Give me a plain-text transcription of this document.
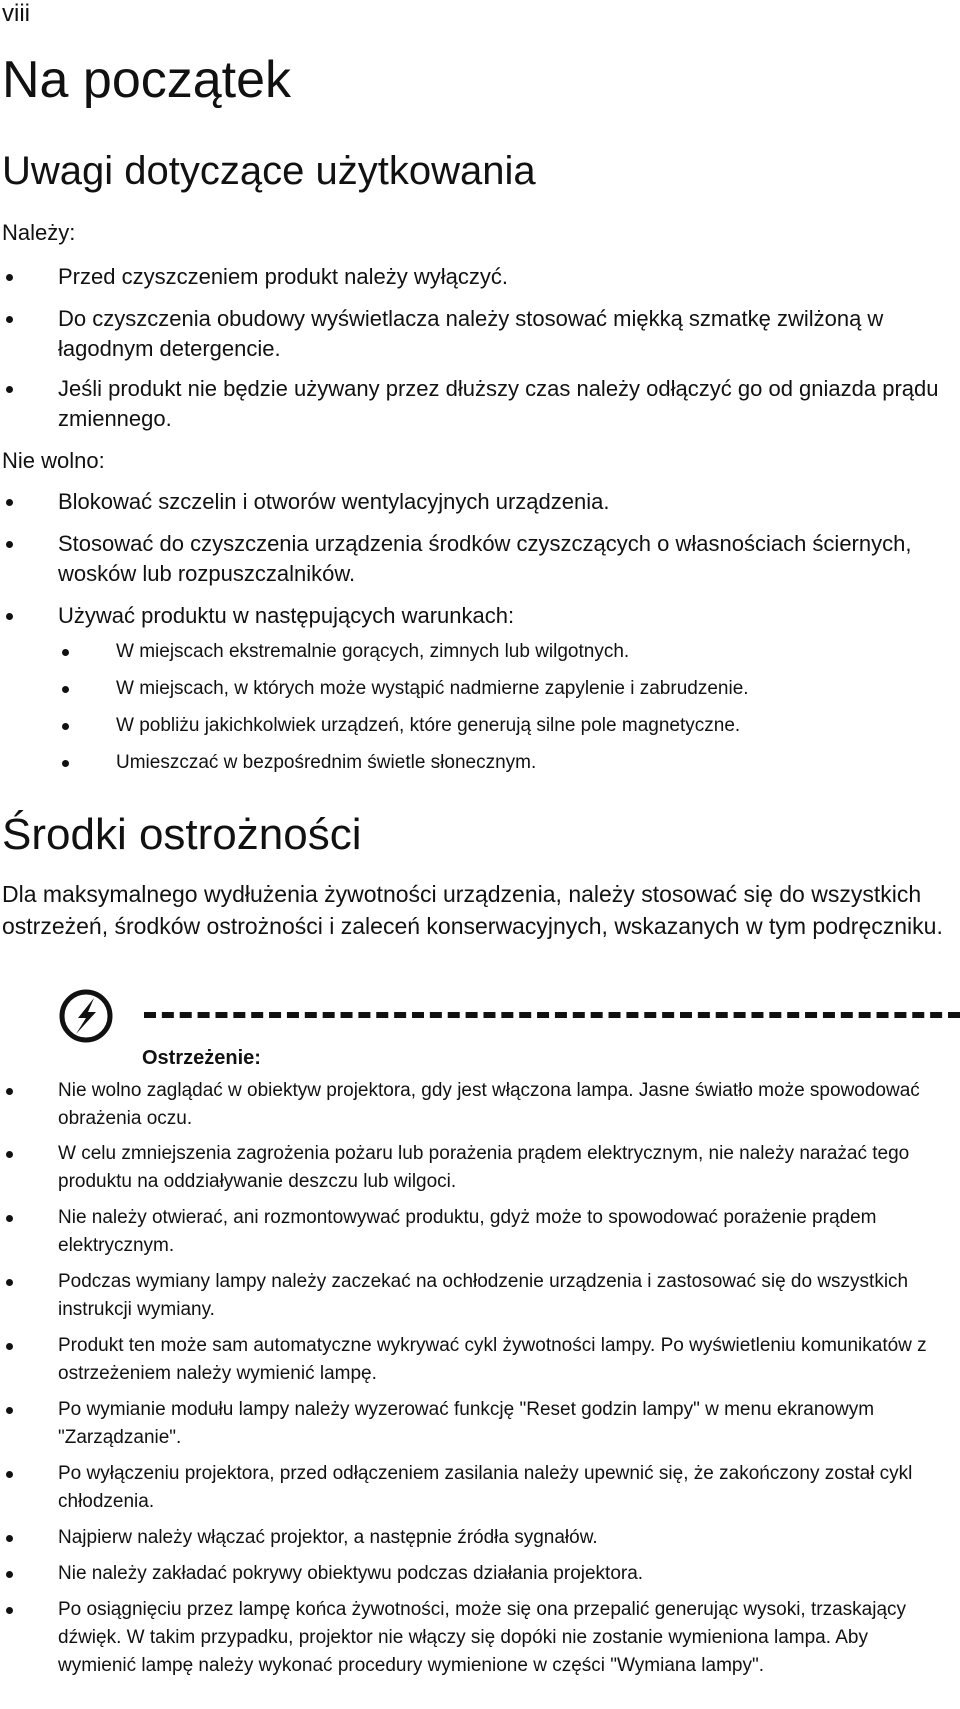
viii
Na początek
Uwagi dotyczące użytkowania
Należy:
Przed czyszczeniem produkt należy wyłączyć.
Do czyszczenia obudowy wyświetlacza należy stosować miękką szmatkę zwilżoną w łagodnym detergencie.
Jeśli produkt nie będzie używany przez dłuższy czas należy odłączyć go od gniazda prądu zmiennego.
Nie wolno:
Blokować szczelin i otworów wentylacyjnych urządzenia.
Stosować do czyszczenia urządzenia środków czyszczących o własnościach ściernych, wosków lub rozpuszczalników.
Używać produktu w następujących warunkach:
W miejscach ekstremalnie gorących, zimnych lub wilgotnych.
W miejscach, w których może wystąpić nadmierne zapylenie i zabrudzenie.
W pobliżu jakichkolwiek urządzeń, które generują silne pole magnetyczne.
Umieszczać w bezpośrednim świetle słonecznym.
Środki ostrożności

Dla maksymalnego wydłużenia żywotności urządzenia, należy stosować się do wszystkich ostrzeżeń, środków ostrożności i zaleceń konserwacyjnych, wskazanych w tym podręczniku.

Ostrzeżenie:
Nie wolno zaglądać w obiektyw projektora, gdy jest włączona lampa. Jasne światło może spowodować obrażenia oczu.
W celu zmniejszenia zagrożenia pożaru lub porażenia prądem elektrycznym, nie należy narażać tego produktu na oddziaływanie deszczu lub wilgoci.
Nie należy otwierać, ani rozmontowywać produktu, gdyż może to spowodować porażenie prądem elektrycznym.
Podczas wymiany lampy należy zaczekać na ochłodzenie urządzenia i zastosować się do wszystkich instrukcji wymiany.
Produkt ten może sam automatyczne wykrywać cykl żywotności lampy. Po wyświetleniu komunikatów z ostrzeżeniem należy wymienić lampę.
Po wymianie modułu lampy należy wyzerować funkcję "Reset godzin lampy" w menu ekranowym "Zarządzanie".
Po wyłączeniu projektora, przed odłączeniem zasilania należy upewnić się, że zakończony został cykl chłodzenia.
Najpierw należy włączać projektor, a następnie źródła sygnałów.
Nie należy zakładać pokrywy obiektywu podczas działania projektora.
Po osiągnięciu przez lampę końca żywotności, może się ona przepalić generując wysoki, trzaskający dźwięk. W takim przypadku, projektor nie włączy się dopóki nie zostanie wymieniona lampa. Aby wymienić lampę należy wykonać procedury wymienione w części "Wymiana lampy".
